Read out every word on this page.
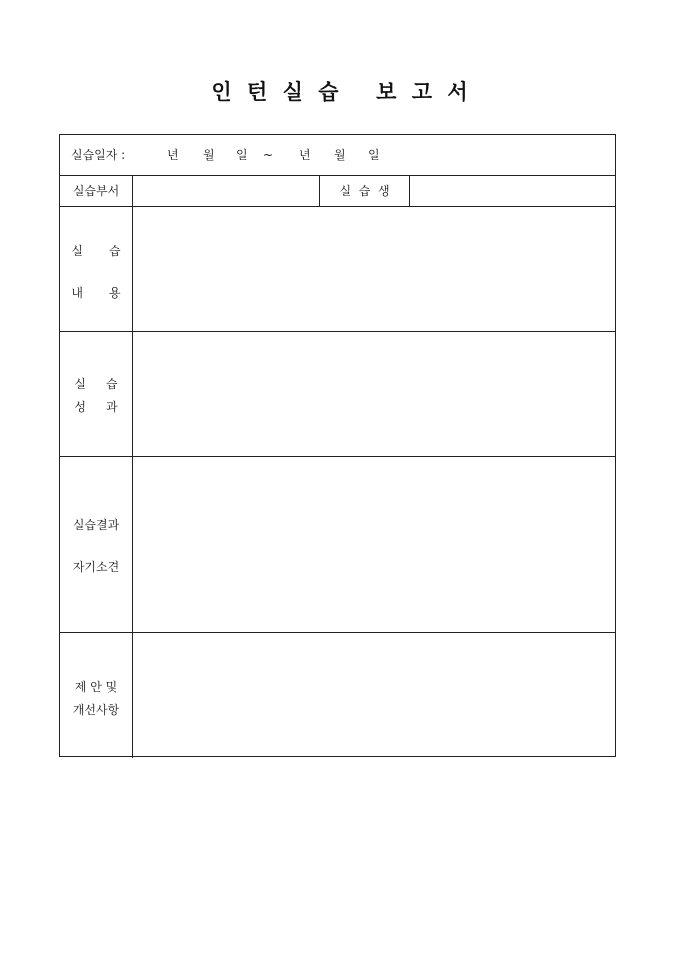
인 턴 실 습 보 고 서
실습일자 :	년 월 일 ~ 년 월 일
실습부서	실 습 생
실 습
내 용
실 습
성 과
실습결과
자기소견
제 안 및
개선사항
